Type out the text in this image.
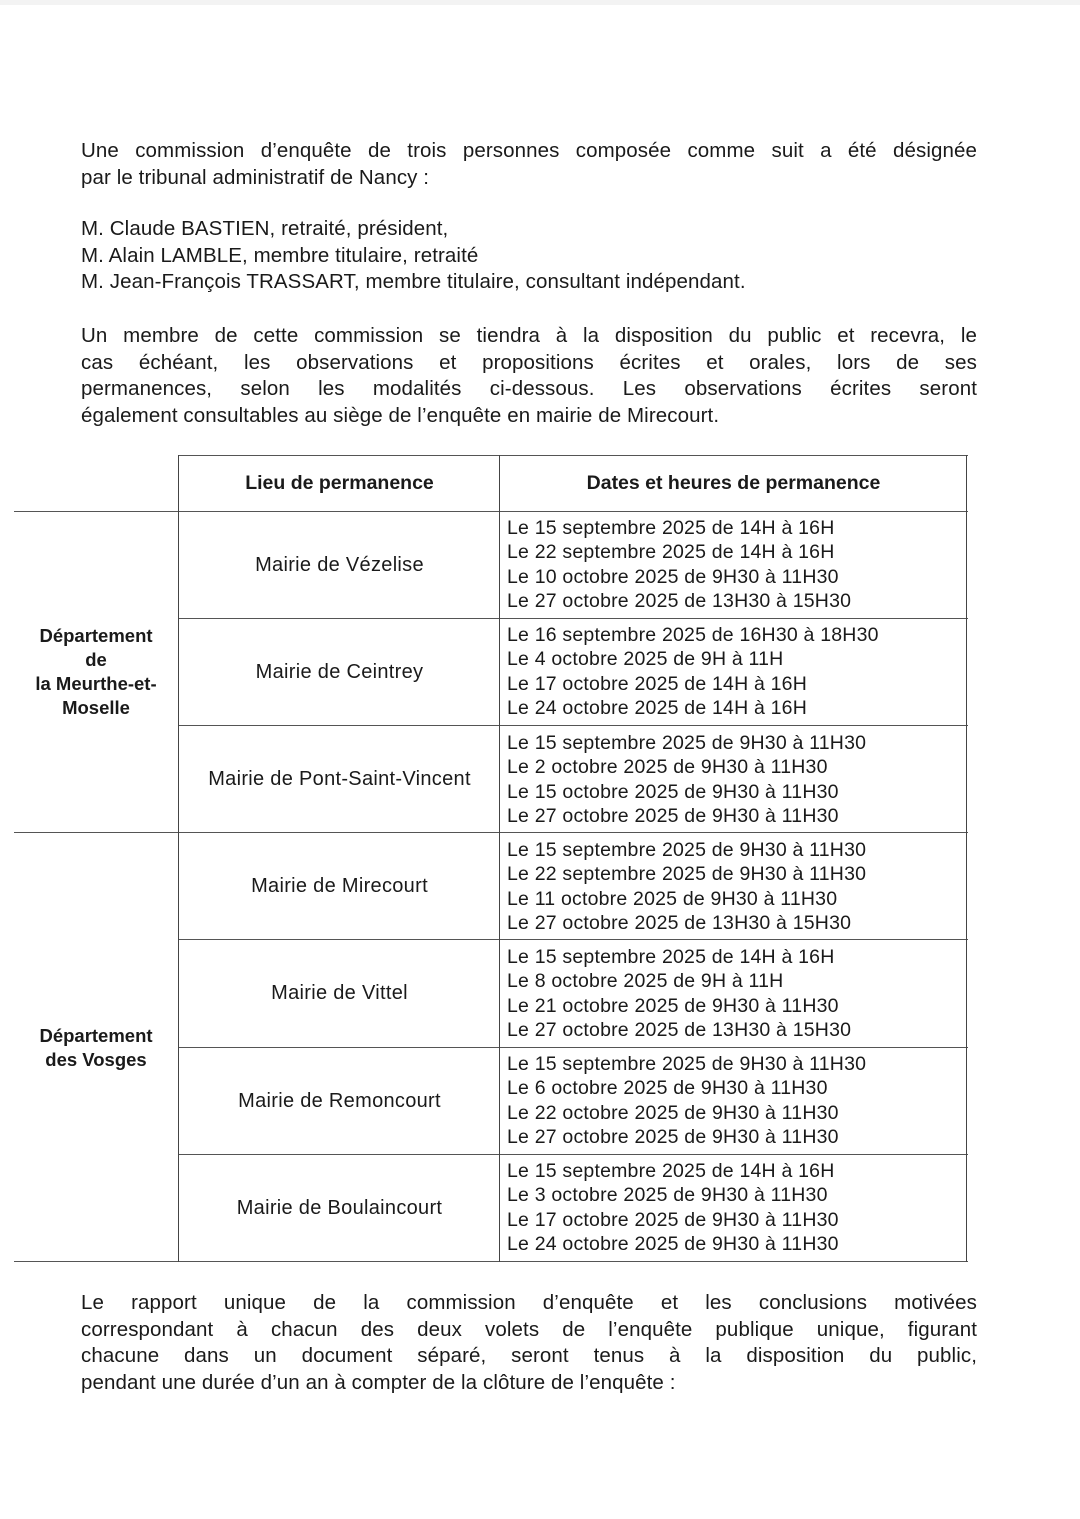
Une commission d’enquête de trois personnes composée comme suit a été désignée
par le tribunal administratif de Nancy :
M. Claude BASTIEN, retraité, président,
M. Alain LAMBLE, membre titulaire, retraité
M. Jean-François TRASSART, membre titulaire, consultant indépendant.
Un membre de cette commission se tiendra à la disposition du public et recevra, le
cas échéant, les observations et propositions écrites et orales, lors de ses
permanences, selon les modalités ci-dessous. Les observations écrites seront
également consultables au siège de l’enquête en mairie de Mirecourt.
Lieu de permanence	Dates et heures de permanence
Département
de
la Meurthe-et-
Moselle
Département
des Vosges
Mairie de Vézelise
Le 15 septembre 2025 de 14H à 16H
Le 22 septembre 2025 de 14H à 16H
Le 10 octobre 2025 de 9H30 à 11H30
Le 27 octobre 2025 de 13H30 à 15H30
Mairie de Ceintrey
Le 16 septembre 2025 de 16H30 à 18H30
Le 4 octobre 2025 de 9H à 11H
Le 17 octobre 2025 de 14H à 16H
Le 24 octobre 2025 de 14H à 16H
Mairie de Pont-Saint-Vincent
Le 15 septembre 2025 de 9H30 à 11H30
Le 2 octobre 2025 de 9H30 à 11H30
Le 15 octobre 2025 de 9H30 à 11H30
Le 27 octobre 2025 de 9H30 à 11H30
Mairie de Mirecourt
Le 15 septembre 2025 de 9H30 à 11H30
Le 22 septembre 2025 de 9H30 à 11H30
Le 11 octobre 2025 de 9H30 à 11H30
Le 27 octobre 2025 de 13H30 à 15H30
Mairie de Vittel
Le 15 septembre 2025 de 14H à 16H
Le 8 octobre 2025 de 9H à 11H
Le 21 octobre 2025 de 9H30 à 11H30
Le 27 octobre 2025 de 13H30 à 15H30
Mairie de Remoncourt
Le 15 septembre 2025 de 9H30 à 11H30
Le 6 octobre 2025 de 9H30 à 11H30
Le 22 octobre 2025 de 9H30 à 11H30
Le 27 octobre 2025 de 9H30 à 11H30
Mairie de Boulaincourt
Le 15 septembre 2025 de 14H à 16H
Le 3 octobre 2025 de 9H30 à 11H30
Le 17 octobre 2025 de 9H30 à 11H30
Le 24 octobre 2025 de 9H30 à 11H30
Le rapport unique de la commission d’enquête et les conclusions motivées
correspondant à chacun des deux volets de l’enquête publique unique, figurant
chacune dans un document séparé, seront tenus à la disposition du public,
pendant une durée d’un an à compter de la clôture de l’enquête :
